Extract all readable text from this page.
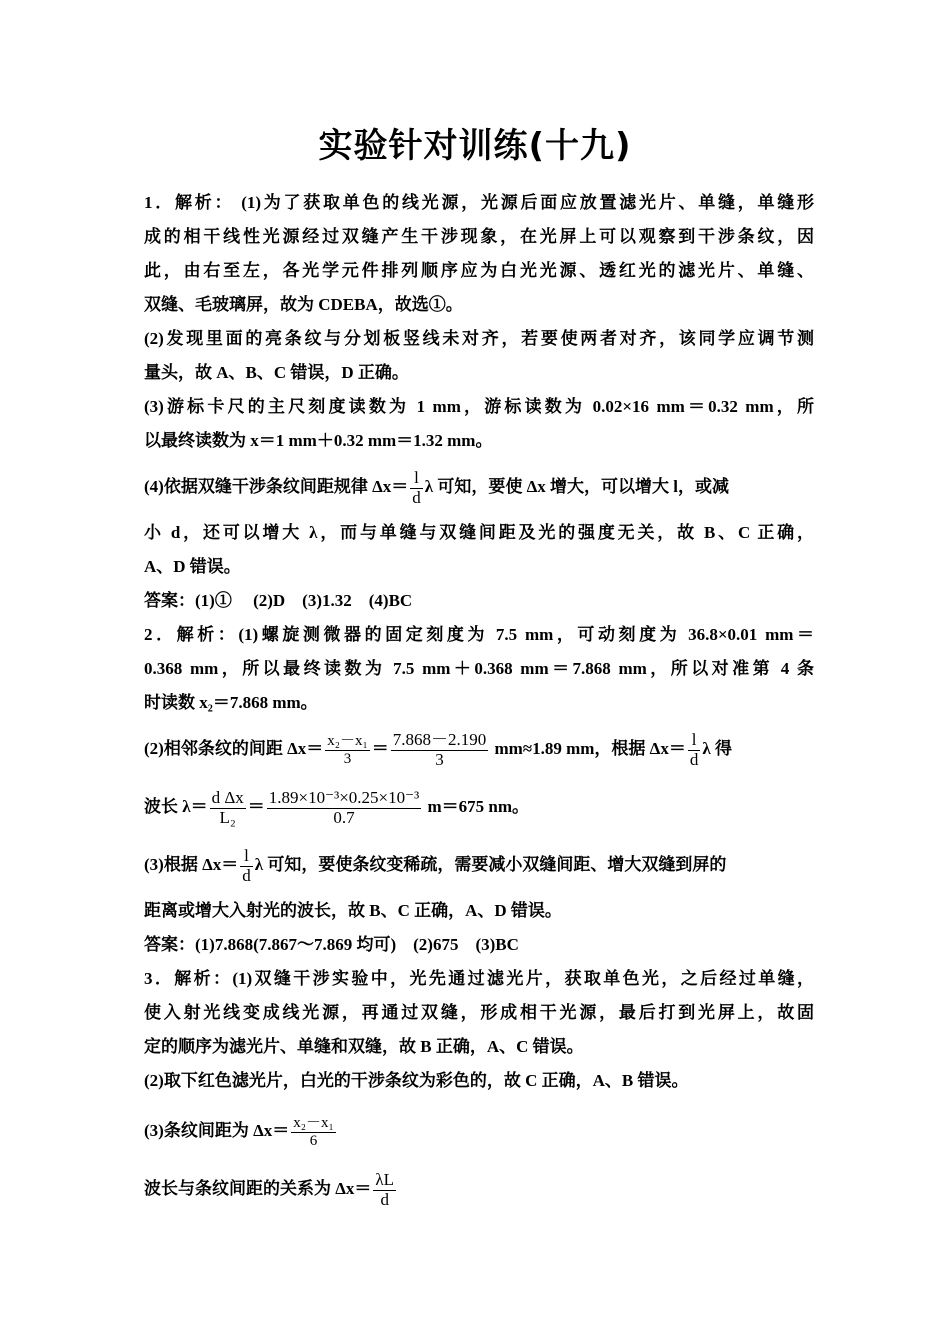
实验针对训练(十九)
1．解析： (1)为了获取单色的线光源，光源后面应放置滤光片、单缝，单缝形
成的相干线性光源经过双缝产生干涉现象，在光屏上可以观察到干涉条纹，因
此，由右至左，各光学元件排列顺序应为白光光源、透红光的滤光片、单缝、
双缝、毛玻璃屏，故为 CDEBA，故选①。
(2)发现里面的亮条纹与分划板竖线未对齐，若要使两者对齐，该同学应调节测
量头，故 A、B、C 错误，D 正确。
(3)游标卡尺的主尺刻度读数为 1 mm，游标读数为 0.02×16 mm＝0.32 mm，所
以最终读数为 x＝1 mm＋0.32 mm＝1.32 mm。
(4)依据双缝干涉条纹间距规律 $\Delta x= \frac{l}{d}$ λ 可知，要使 Δx 增大，可以增大 l，或减
小 d，还可以增大 λ，而与单缝与双缝间距及光的强度无关，故 B、C 正确，
A、D 错误。
答案：(1)①　 (2)D　(3)1.32　(4)BC
2．解析：(1)螺旋测微器的固定刻度为 7.5 mm，可动刻度为 36.8×0.01 mm＝
0.368 mm，所以最终读数为 7.5 mm＋0.368 mm＝7.868 mm，所以对准第 4 条
时读数 x₂＝7.868 mm。
(2)相邻条纹的间距 $\Delta x= \frac{\text{x₂－x₁}}{3} = \frac{7.868-2.190}{3} mm\approx 1.89$ mm，根据 $\Delta x= \frac{l}{d}$ λ 得
波长 $\lambda= \frac{\text{d Δx}}{\text{L₂}} = \frac{\text{1.89×10⁻³×0.25×10⁻³}}{0.7} m=675$ nm。
(3)根据 $\Delta x= \frac{l}{d}$ λ 可知，要使条纹变稀疏，需要减小双缝间距、增大双缝到屏的
距离或增大入射光的波长，故 B、C 正确，A、D 错误。
答案：(1)7.868(7.867～7.869 均可)　(2)675　(3)BC
3．解析：(1)双缝干涉实验中，光先通过滤光片，获取单色光，之后经过单缝，
使入射光线变成线光源，再通过双缝，形成相干光源，最后打到光屏上，故固
定的顺序为滤光片、单缝和双缝，故 B 正确，A、C 错误。
(2)取下红色滤光片，白光的干涉条纹为彩色的，故 C 正确，A、B 错误。
(3)条纹间距为 $\Delta x= \frac{\text{x₂－x₁}}{6}$
波长与条纹间距的关系为 $\Delta x= \frac{\lambda L}{d}$
